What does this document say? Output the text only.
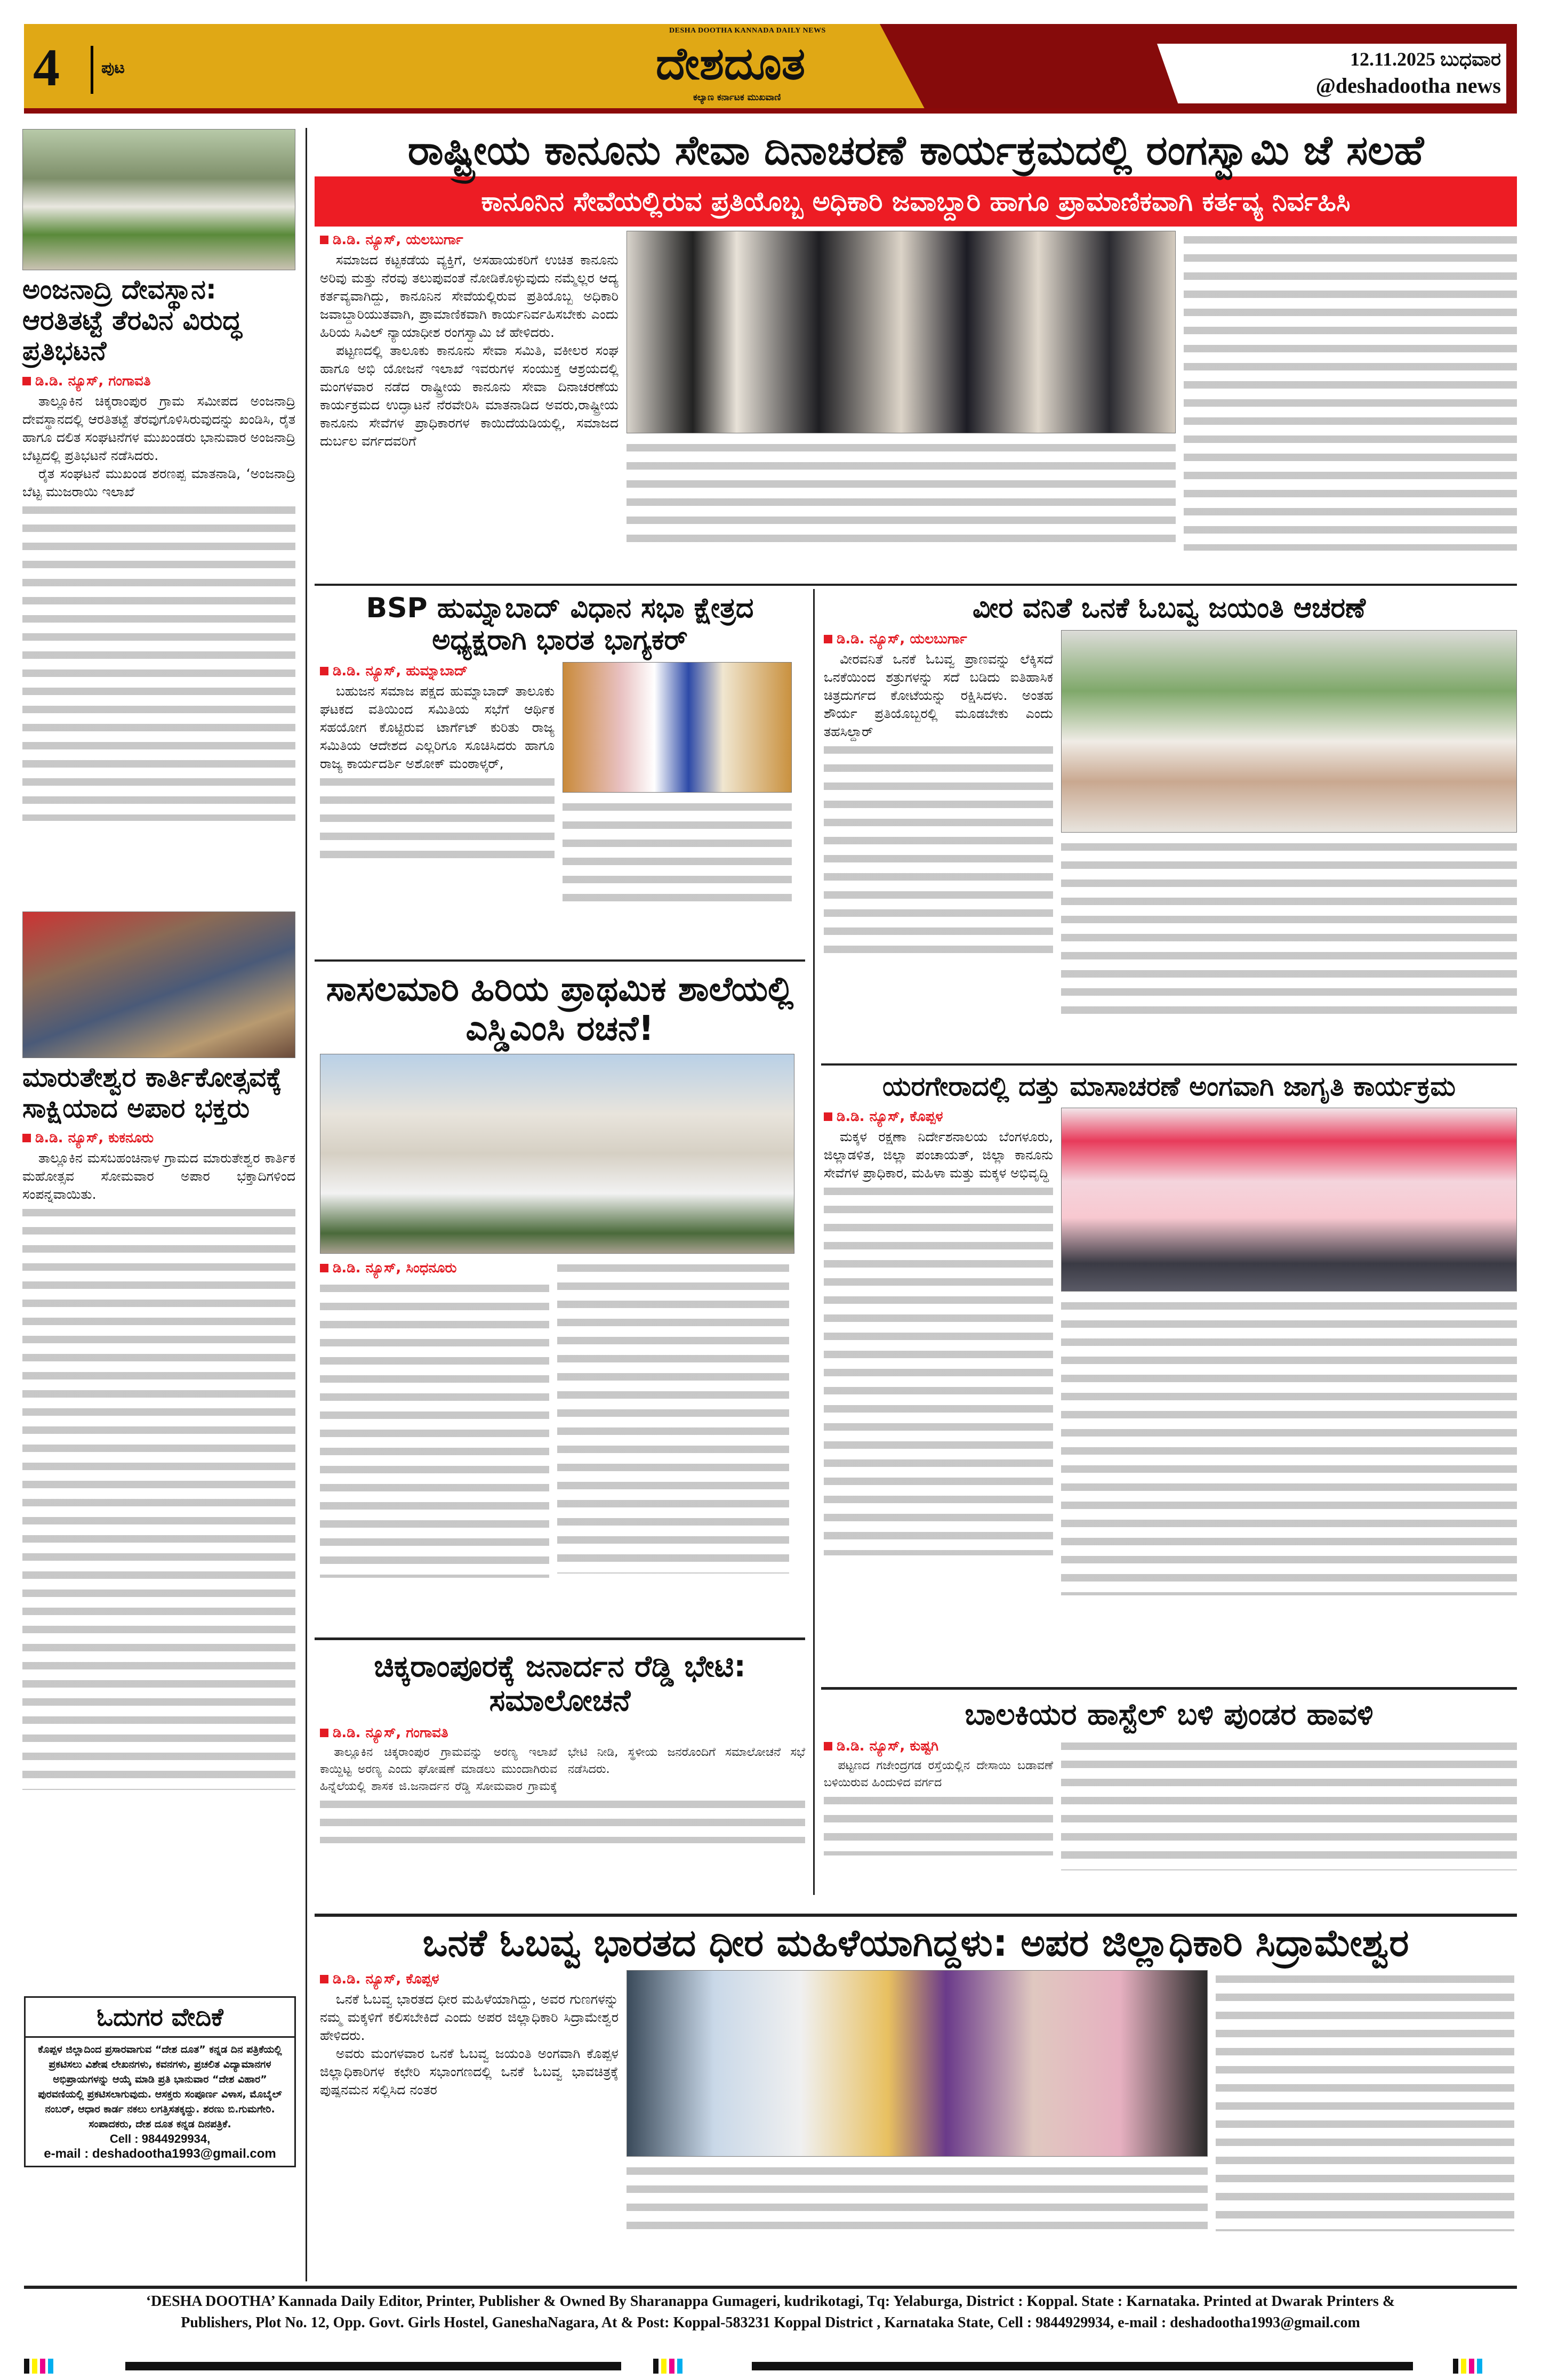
4	ಪುಟ
DESHA DOOTHA KANNADA DAILY NEWS
ದೇಶದೂತ
ಕಲ್ಯಾಣ ಕರ್ನಾಟಕ ಮುಖವಾಣಿ
12.11.2025 ಬುಧವಾರ
@deshadootha news
ಅಂಜನಾದ್ರಿ ದೇವಸ್ಥಾನ: ಆರತಿತಟ್ಟೆ ತೆರವಿನ ವಿರುದ್ಧ ಪ್ರತಿಭಟನೆ
ಡಿ.ಡಿ. ನ್ಯೂಸ್, ಗಂಗಾವತಿ

ತಾಲ್ಲೂಕಿನ ಚಿಕ್ಕರಾಂಪುರ ಗ್ರಾಮ ಸಮೀಪದ ಅಂಜನಾದ್ರಿ ದೇವಸ್ಥಾನದಲ್ಲಿ ಆರತಿತಟ್ಟೆ ತೆರವುಗೊಳಿಸಿರುವುದನ್ನು ಖಂಡಿಸಿ, ರೈತ ಹಾಗೂ ದಲಿತ ಸಂಘಟನೆಗಳ ಮುಖಂಡರು ಭಾನುವಾರ ಅಂಜನಾದ್ರಿ ಬೆಟ್ಟದಲ್ಲಿ ಪ್ರತಿಭಟನೆ ನಡೆಸಿದರು.

ರೈತ ಸಂಘಟನೆ ಮುಖಂಡ ಶರಣಪ್ಪ ಮಾತನಾಡಿ, ‘ಅಂಜನಾದ್ರಿ ಬೆಟ್ಟ ಮುಜರಾಯಿ ಇಲಾಖೆ

ಮಾರುತೇಶ್ವರ ಕಾರ್ತಿಕೋತ್ಸವಕ್ಕೆ ಸಾಕ್ಷಿಯಾದ ಅಪಾರ ಭಕ್ತರು
ಡಿ.ಡಿ. ನ್ಯೂಸ್, ಕುಕನೂರು

ತಾಲ್ಲೂಕಿನ ಮಸಬಹಂಚಿನಾಳ ಗ್ರಾಮದ ಮಾರುತೇಶ್ವರ ಕಾರ್ತಿಕ ಮಹೋತ್ಸವ ಸೋಮವಾರ ಅಪಾರ ಭಕ್ತಾದಿಗಳಿಂದ ಸಂಪನ್ನವಾಯಿತು.

ಓದುಗರ ವೇದಿಕೆ
ಕೊಪ್ಪಳ ಜಿಲ್ಲಾದಿಂದ ಪ್ರಸಾರವಾಗುವ “ದೇಶ ದೂತ” ಕನ್ನಡ ದಿನ ಪತ್ರಿಕೆಯಲ್ಲಿ ಪ್ರಕಟಿಸಲು ವಿಶೇಷ ಲೇಖನಗಳು, ಕವನಗಳು, ಪ್ರಚಲಿತ ವಿದ್ಯಾಮಾನಗಳ ಅಭಿಪ್ರಾಯಗಳನ್ನು ಆಯ್ಕೆ ಮಾಡಿ ಪ್ರತಿ ಭಾನುವಾರ “ದೇಶ ವಿಹಾರ” ಪುರವಣಿಯಲ್ಲಿ ಪ್ರಕಟಿಸಲಾಗುವುದು. ಆಸಕ್ತರು ಸಂಪೂರ್ಣ ವಿಳಾಸ, ಮೊಬೈಲ್ ನಂಬರ್, ಆಧಾರ ಕಾರ್ಡ ನಕಲು ಲಗತ್ತಿಸತಕ್ಕದ್ದು. ಶರಣು ಬಿ.ಗುಮಗೇರಿ. ಸಂಪಾದಕರು, ದೇಶ ದೂತ ಕನ್ನಡ ದಿನಪತ್ರಿಕೆ.
Cell : 9844929934,
e-mail : deshadootha1993@gmail.com
ರಾಷ್ಟ್ರೀಯ ಕಾನೂನು ಸೇವಾ ದಿನಾಚರಣೆ ಕಾರ್ಯಕ್ರಮದಲ್ಲಿ ರಂಗಸ್ವಾಮಿ ಜೆ ಸಲಹೆ
ಕಾನೂನಿನ ಸೇವೆಯಲ್ಲಿರುವ ಪ್ರತಿಯೊಬ್ಬ ಅಧಿಕಾರಿ ಜವಾಬ್ದಾರಿ ಹಾಗೂ ಪ್ರಾಮಾಣಿಕವಾಗಿ ಕರ್ತವ್ಯ ನಿರ್ವಹಿಸಿ
ಡಿ.ಡಿ. ನ್ಯೂಸ್, ಯಲಬುರ್ಗಾ

ಸಮಾಜದ ಕಟ್ಟಕಡೆಯ ವ್ಯಕ್ತಿಗೆ, ಅಸಹಾಯಕರಿಗೆ ಉಚಿತ ಕಾನೂನು ಅರಿವು ಮತ್ತು ನೆರವು ತಲುಪುವಂತೆ ನೋಡಿಕೊಳ್ಳುವುದು ನಮ್ಮೆಲ್ಲರ ಆದ್ಯ ಕರ್ತವ್ಯವಾಗಿದ್ದು, ಕಾನೂನಿನ ಸೇವೆಯಲ್ಲಿರುವ ಪ್ರತಿಯೊಬ್ಬ ಅಧಿಕಾರಿ ಜವಾಬ್ದಾರಿಯುತವಾಗಿ, ಪ್ರಾಮಾಣಿಕವಾಗಿ ಕಾರ್ಯನಿರ್ವಹಿಸಬೇಕು ಎಂದು ಹಿರಿಯ ಸಿವಿಲ್ ನ್ಯಾಯಾಧೀಶ ರಂಗಸ್ವಾಮಿ ಜೆ ಹೇಳಿದರು.

ಪಟ್ಟಣದಲ್ಲಿ ತಾಲೂಕು ಕಾನೂನು ಸೇವಾ ಸಮಿತಿ, ವಕೀಲರ ಸಂಘ ಹಾಗೂ ಅಭಿ ಯೋಜನೆ ಇಲಾಖೆ ಇವರುಗಳ ಸಂಯುಕ್ತ ಆಶ್ರಯದಲ್ಲಿ ಮಂಗಳವಾರ ನಡೆದ ರಾಷ್ಟ್ರೀಯ ಕಾನೂನು ಸೇವಾ ದಿನಾಚರಣೆಯ ಕಾರ್ಯಕ್ರಮದ ಉದ್ಘಾಟನೆ ನೆರವೇರಿಸಿ ಮಾತನಾಡಿದ ಅವರು,ರಾಷ್ಟ್ರೀಯ ಕಾನೂನು ಸೇವೆಗಳ ಪ್ರಾಧಿಕಾರಗಳ ಕಾಯಿದೆಯಡಿಯಲ್ಲಿ, ಸಮಾಜದ ದುರ್ಬಲ ವರ್ಗದವರಿಗೆ

BSP ಹುಮ್ನಾಬಾದ್ ವಿಧಾನ ಸಭಾ ಕ್ಷೇತ್ರದ ಅಧ್ಯಕ್ಷರಾಗಿ ಭಾರತ ಭಾಗ್ಯಕರ್
ಡಿ.ಡಿ. ನ್ಯೂಸ್, ಹುಮ್ನಾಬಾದ್

ಬಹುಜನ ಸಮಾಜ ಪಕ್ಷದ ಹುಮ್ನಾಬಾದ್ ತಾಲೂಕು ಘಟಕದ ವತಿಯಿಂದ ಸಮಿತಿಯ ಸಭೆಗೆ ಆರ್ಥಿಕ ಸಹಯೋಗ ಕೊಟ್ಟಿರುವ ಟಾರ್ಗೆಟ್ ಕುರಿತು ರಾಜ್ಯ ಸಮಿತಿಯ ಆದೇಶದ ಎಲ್ಲರಿಗೂ ಸೂಚಿಸಿದರು ಹಾಗೂ ರಾಜ್ಯ ಕಾರ್ಯದರ್ಶಿ ಅಶೋಕ್ ಮಂಠಾಳ್ಕರ್,

ವೀರ ವನಿತೆ ಒನಕೆ ಓಬವ್ವ ಜಯಂತಿ ಆಚರಣೆ
ಡಿ.ಡಿ. ನ್ಯೂಸ್, ಯಲಬುರ್ಗಾ

ವೀರವನಿತೆ ಒನಕೆ ಓಬವ್ವ ಪ್ರಾಣವನ್ನು ಲೆಕ್ಕಿಸದೆ ಒನಕೆಯಿಂದ ಶತ್ರುಗಳನ್ನು ಸದೆ ಬಡಿದು ಐತಿಹಾಸಿಕ ಚಿತ್ರದುರ್ಗದ ಕೋಟೆಯನ್ನು ರಕ್ಷಿಸಿದಳು. ಅಂತಹ ಶೌರ್ಯ ಪ್ರತಿಯೊಬ್ಬರಲ್ಲಿ ಮೂಡಬೇಕು ಎಂದು ತಹಸಿಲ್ದಾರ್

ಸಾಸಲಮಾರಿ ಹಿರಿಯ ಪ್ರಾಥಮಿಕ ಶಾಲೆಯಲ್ಲಿ ಎಸ್ಡಿಎಂಸಿ ರಚನೆ!
ಡಿ.ಡಿ. ನ್ಯೂಸ್, ಸಿಂಧನೂರು
ಯರಗೇರಾದಲ್ಲಿ ದತ್ತು ಮಾಸಾಚರಣೆ ಅಂಗವಾಗಿ ಜಾಗೃತಿ ಕಾರ್ಯಕ್ರಮ
ಡಿ.ಡಿ. ನ್ಯೂಸ್, ಕೊಪ್ಪಳ

ಮಕ್ಕಳ ರಕ್ಷಣಾ ನಿರ್ದೇಶನಾಲಯ ಬೆಂಗಳೂರು, ಜಿಲ್ಲಾಡಳಿತ, ಜಿಲ್ಲಾ ಪಂಚಾಯತ್, ಜಿಲ್ಲಾ ಕಾನೂನು ಸೇವೆಗಳ ಪ್ರಾಧಿಕಾರ, ಮಹಿಳಾ ಮತ್ತು ಮಕ್ಕಳ ಅಭಿವೃದ್ಧಿ

ಚಿಕ್ಕರಾಂಪೂರಕ್ಕೆ ಜನಾರ್ದನ ರೆಡ್ಡಿ ಭೇಟಿ: ಸಮಾಲೋಚನೆ
ಡಿ.ಡಿ. ನ್ಯೂಸ್, ಗಂಗಾವತಿ

ತಾಲ್ಲೂಕಿನ ಚಿಕ್ಕರಾಂಪುರ ಗ್ರಾಮವನ್ನು ಅರಣ್ಯ ಇಲಾಖೆ ಕಾಯ್ದಿಟ್ಟ ಅರಣ್ಯ ಎಂದು ಘೋಷಣೆ ಮಾಡಲು ಮುಂದಾಗಿರುವ ಹಿನ್ನೆಲೆಯಲ್ಲಿ ಶಾಸಕ ಜಿ.ಜನಾರ್ದನ ರೆಡ್ಡಿ ಸೋಮವಾರ ಗ್ರಾಮಕ್ಕೆ ಭೇಟಿ ನೀಡಿ, ಸ್ಥಳೀಯ ಜನರೊಂದಿಗೆ ಸಮಾಲೋಚನೆ ಸಭೆ ನಡೆಸಿದರು.

ಬಾಲಕಿಯರ ಹಾಸ್ಟೆಲ್ ಬಳಿ ಪುಂಡರ ಹಾವಳಿ
ಡಿ.ಡಿ. ನ್ಯೂಸ್, ಕುಷ್ಟಗಿ

ಪಟ್ಟಣದ ಗಜೇಂದ್ರಗಡ ರಸ್ತೆಯಲ್ಲಿನ ದೇಸಾಯಿ ಬಡಾವಣೆ ಬಳಿಯಿರುವ ಹಿಂದುಳಿದ ವರ್ಗದ

ಒನಕೆ ಓಬವ್ವ ಭಾರತದ ಧೀರ ಮಹಿಳೆಯಾಗಿದ್ದಳು: ಅಪರ ಜಿಲ್ಲಾಧಿಕಾರಿ ಸಿದ್ರಾಮೇಶ್ವರ
ಡಿ.ಡಿ. ನ್ಯೂಸ್, ಕೊಪ್ಪಳ

ಒನಕೆ ಓಬವ್ವ ಭಾರತದ ಧೀರ ಮಹಿಳೆಯಾಗಿದ್ದು, ಅವರ ಗುಣಗಳನ್ನು ನಮ್ಮ ಮಕ್ಕಳಿಗೆ ಕಲಿಸಬೇಕಿದೆ ಎಂದು ಅಪರ ಜಿಲ್ಲಾಧಿಕಾರಿ ಸಿದ್ರಾಮೇಶ್ವರ ಹೇಳಿದರು.

ಅವರು ಮಂಗಳವಾರ ಒನಕೆ ಓಬವ್ವ ಜಯಂತಿ ಅಂಗವಾಗಿ ಕೊಪ್ಪಳ ಜಿಲ್ಲಾಧಿಕಾರಿಗಳ ಕಛೇರಿ ಸಭಾಂಗಣದಲ್ಲಿ ಒನಕೆ ಓಬವ್ವ ಭಾವಚಿತ್ರಕ್ಕೆ ಪುಷ್ಪನಮನ ಸಲ್ಲಿಸಿದ ನಂತರ

‘DESHA DOOTHA’ Kannada Daily Editor, Printer, Publisher & Owned By Sharanappa Gumageri, kudrikotagi, Tq: Yelaburga, District : Koppal. State : Karnataka. Printed at Dwarak Printers &
Publishers, Plot No. 12, Opp. Govt. Girls Hostel, GaneshaNagara, At & Post: Koppal-583231 Koppal District , Karnataka State, Cell : 9844929934, e-mail : deshadootha1993@gmail.com
